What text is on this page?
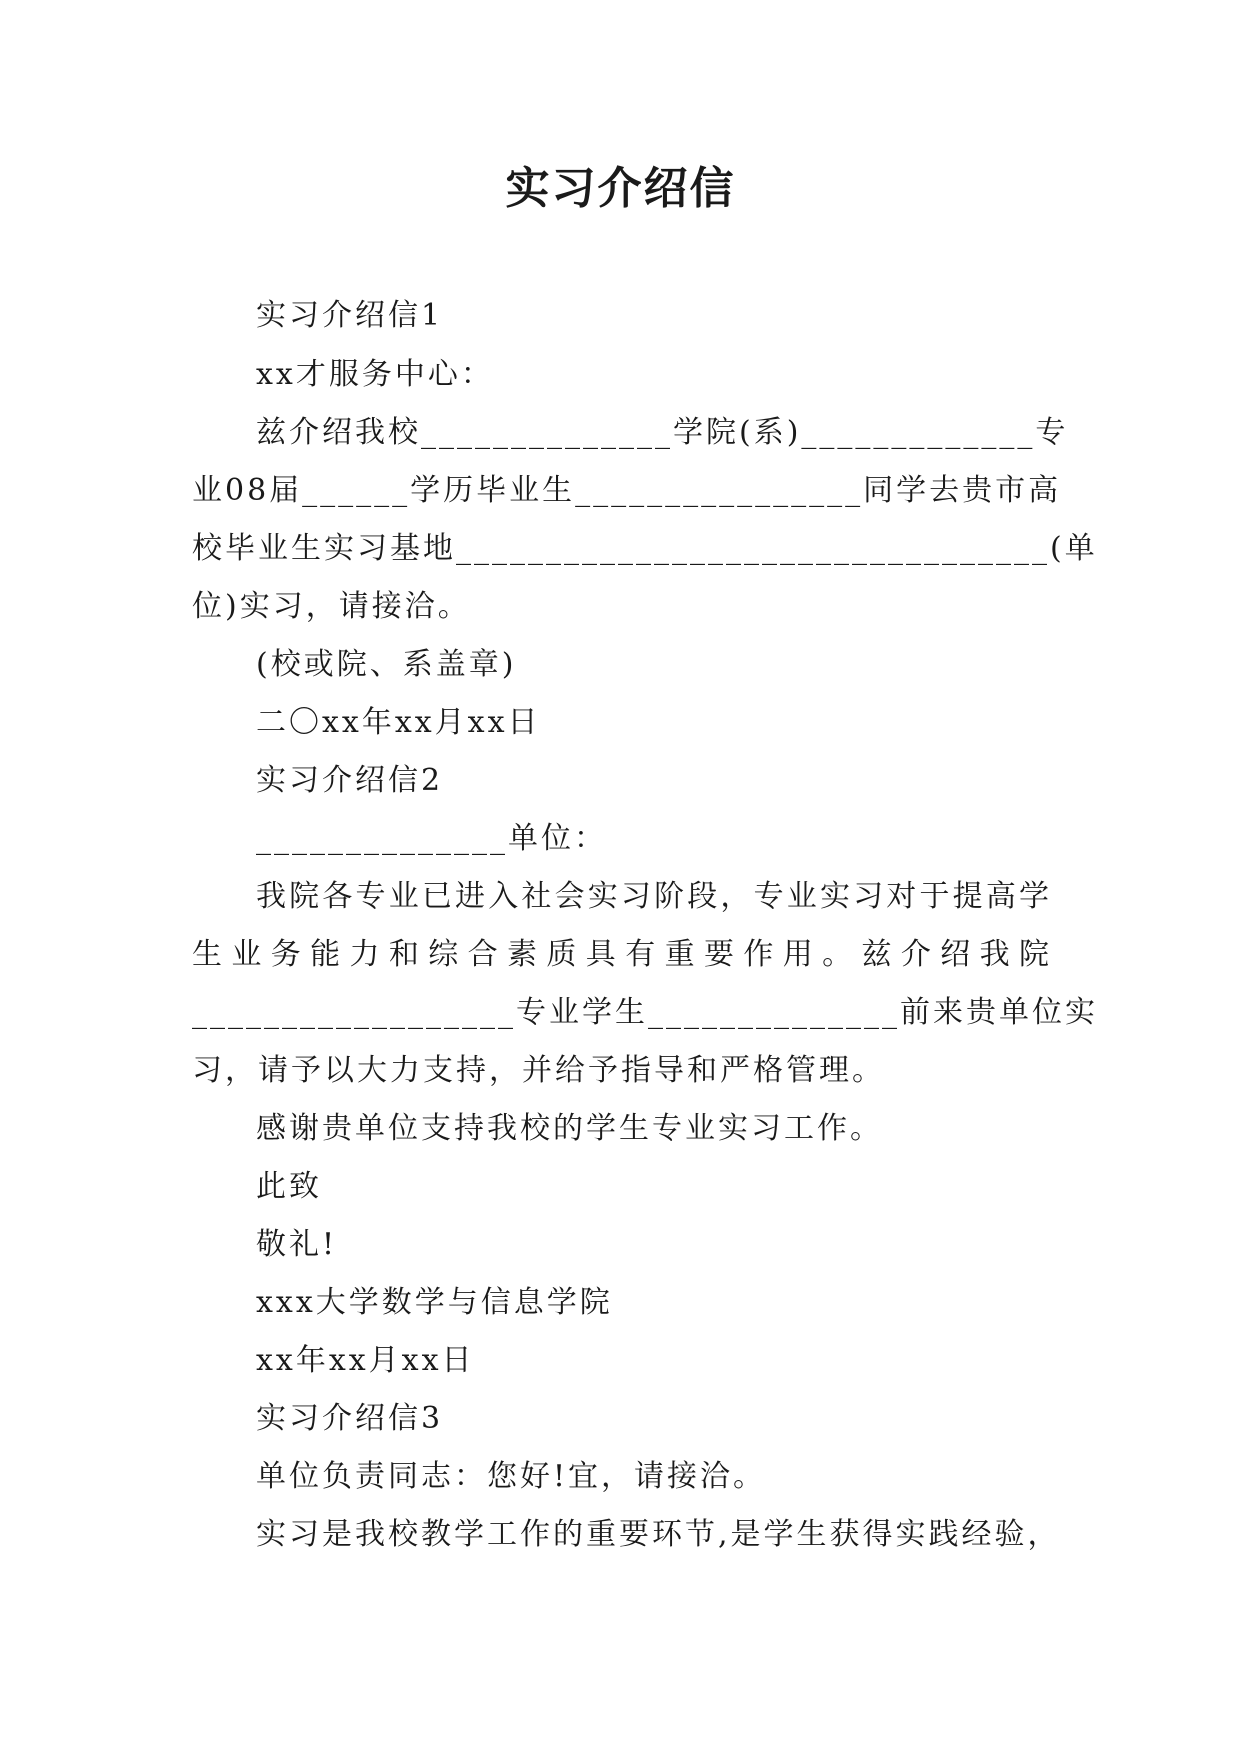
实习介绍信
实习介绍信1
xx才服务中心：
兹介绍我校______________学院(系)_____________专
业08届______学历毕业生________________同学去贵市高
校毕业生实习基地_________________________________(单
位)实习，请接洽。
(校或院、系盖章)
二〇xx年xx月xx日
实习介绍信2
______________单位：
我院各专业已进入社会实习阶段，专业实习对于提高学
生业务能力和综合素质具有重要作用。兹介绍我院
__________________专业学生______________前来贵单位实
习，请予以大力支持，并给予指导和严格管理。
感谢贵单位支持我校的学生专业实习工作。
此致
敬礼!
xxx大学数学与信息学院
xx年xx月xx日
实习介绍信3
单位负责同志：您好!宜，请接洽。
实习是我校教学工作的重要环节,是学生获得实践经验，
